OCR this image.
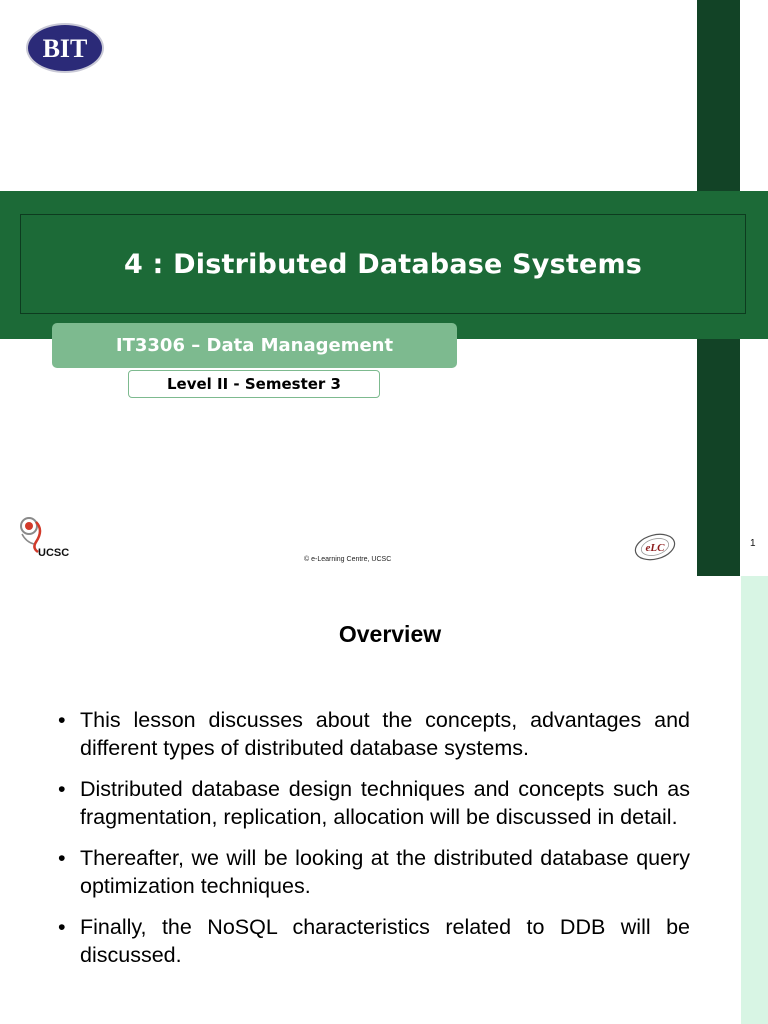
BIT
4 : Distributed Database Systems
IT3306 – Data Management
Level II - Semester 3
UCSC
© e-Learning Centre, UCSC
eLC	1
Overview
• This lesson discusses about the concepts, advantages and different types of distributed database systems.
• Distributed database design techniques and concepts such as fragmentation, replication, allocation will be discussed in detail.
• Thereafter, we will be looking at the distributed database query optimization techniques.
• Finally, the NoSQL characteristics related to DDB will be discussed.
